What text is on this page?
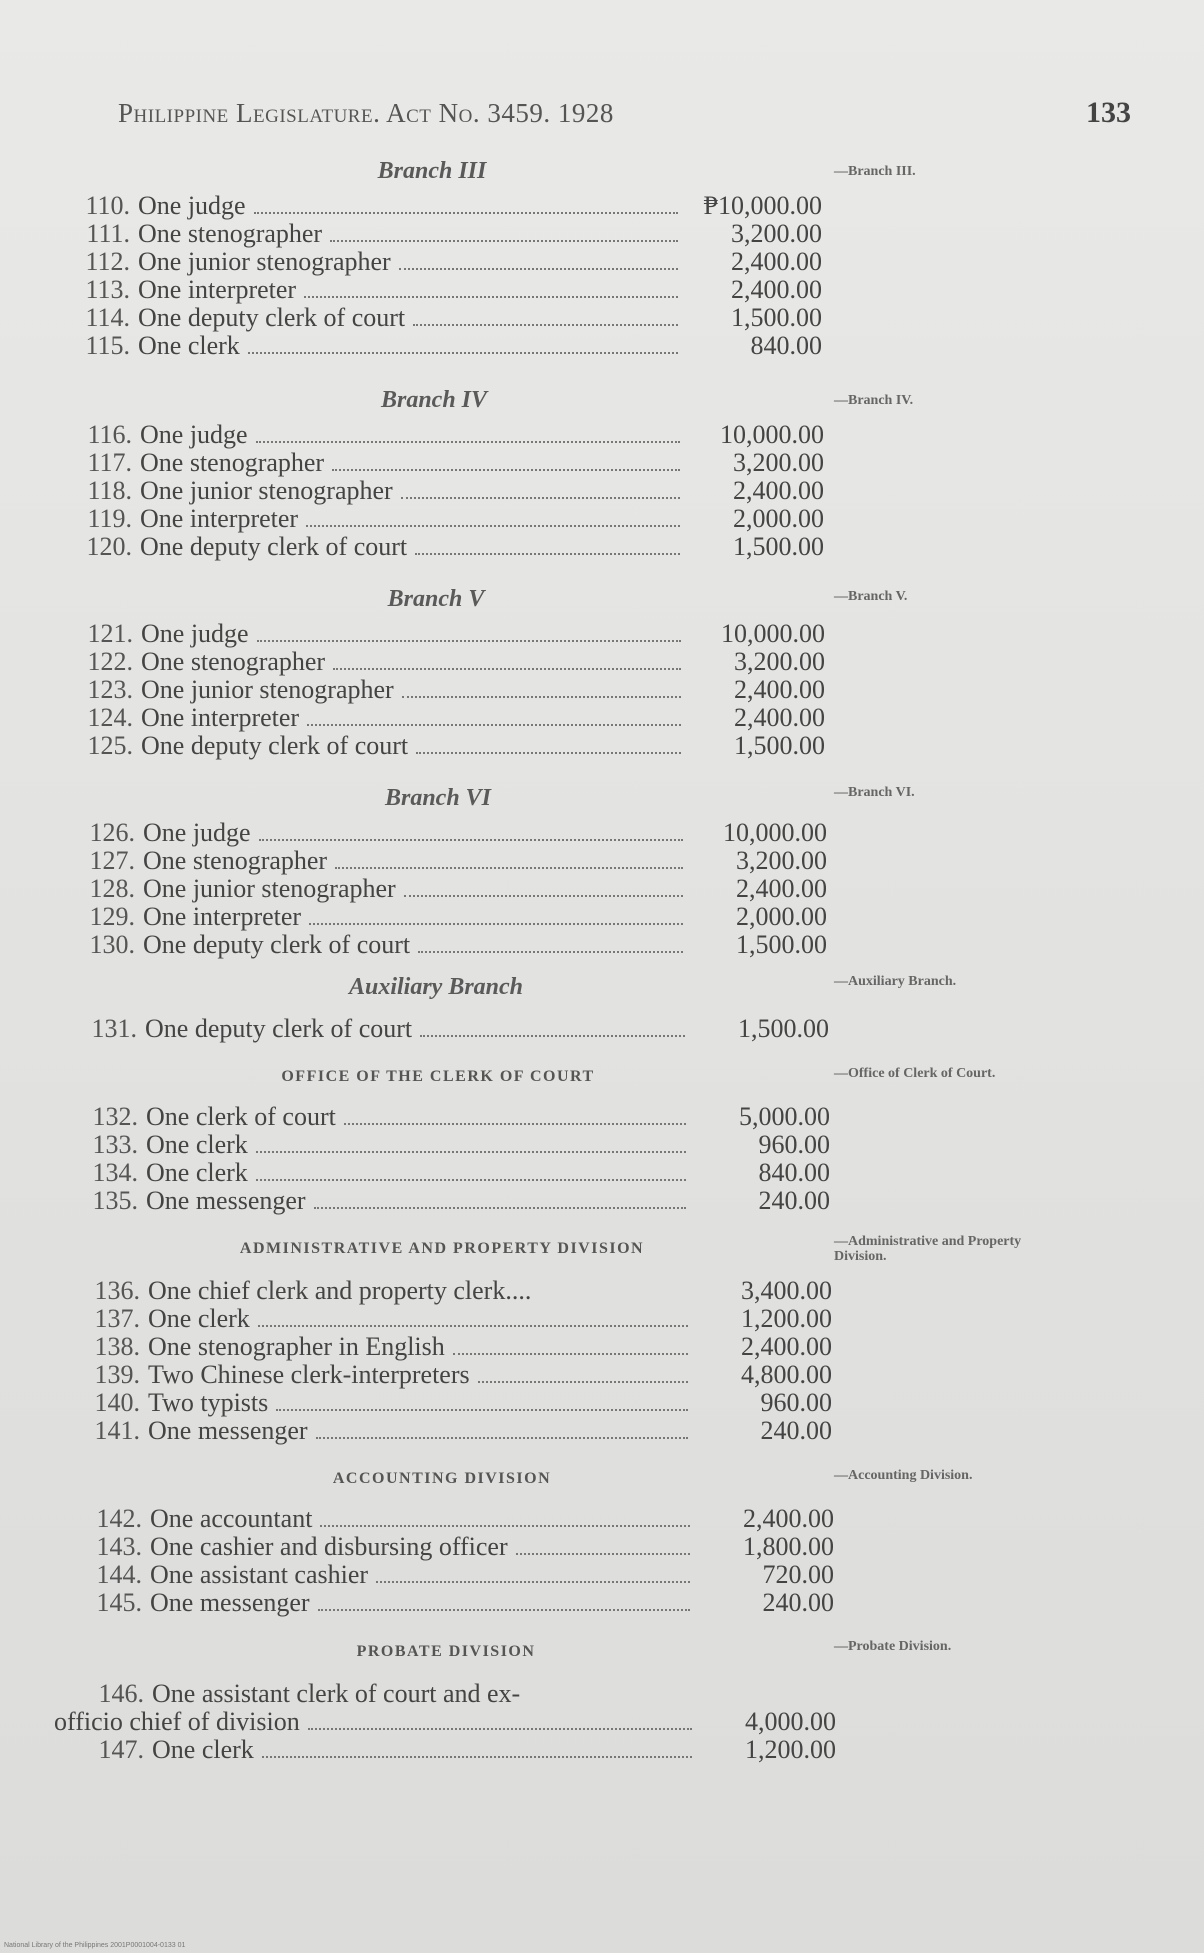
Philippine Legislature. Act No. 3459. 1928	133
Branch III	—Branch III.
110. One judge	₱10,000.00
111. One stenographer	3,200.00
112. One junior stenographer	2,400.00
113. One interpreter	2,400.00
114. One deputy clerk of court	1,500.00
115. One clerk	840.00
Branch IV	—Branch IV.
116. One judge	10,000.00
117. One stenographer	3,200.00
118. One junior stenographer	2,400.00
119. One interpreter	2,000.00
120. One deputy clerk of court	1,500.00
Branch V	—Branch V.
121. One judge	10,000.00
122. One stenographer	3,200.00
123. One junior stenographer	2,400.00
124. One interpreter	2,400.00
125. One deputy clerk of court	1,500.00
Branch VI	—Branch VI.
126. One judge	10,000.00
127. One stenographer	3,200.00
128. One junior stenographer	2,400.00
129. One interpreter	2,000.00
130. One deputy clerk of court	1,500.00
Auxiliary Branch	—Auxiliary Branch.
131. One deputy clerk of court	1,500.00
OFFICE OF THE CLERK OF COURT	—Office of Clerk of Court.
132. One clerk of court	5,000.00
133. One clerk	960.00
134. One clerk	840.00
135. One messenger	240.00
ADMINISTRATIVE AND PROPERTY DIVISION	—Administrative and Property Division.
136. One chief clerk and property clerk....	3,400.00
137. One clerk	1,200.00
138. One stenographer in English	2,400.00
139. Two Chinese clerk-interpreters	4,800.00
140. Two typists	960.00
141. One messenger	240.00
ACCOUNTING DIVISION	—Accounting Division.
142. One accountant	2,400.00
143. One cashier and disbursing officer	1,800.00
144. One assistant cashier	720.00
145. One messenger	240.00
PROBATE DIVISION	—Probate Division.
146. One assistant clerk of court and ex-
officio chief of division	4,000.00
147. One clerk	1,200.00
National Library of the Philippines 2001P0001004-0133 01
